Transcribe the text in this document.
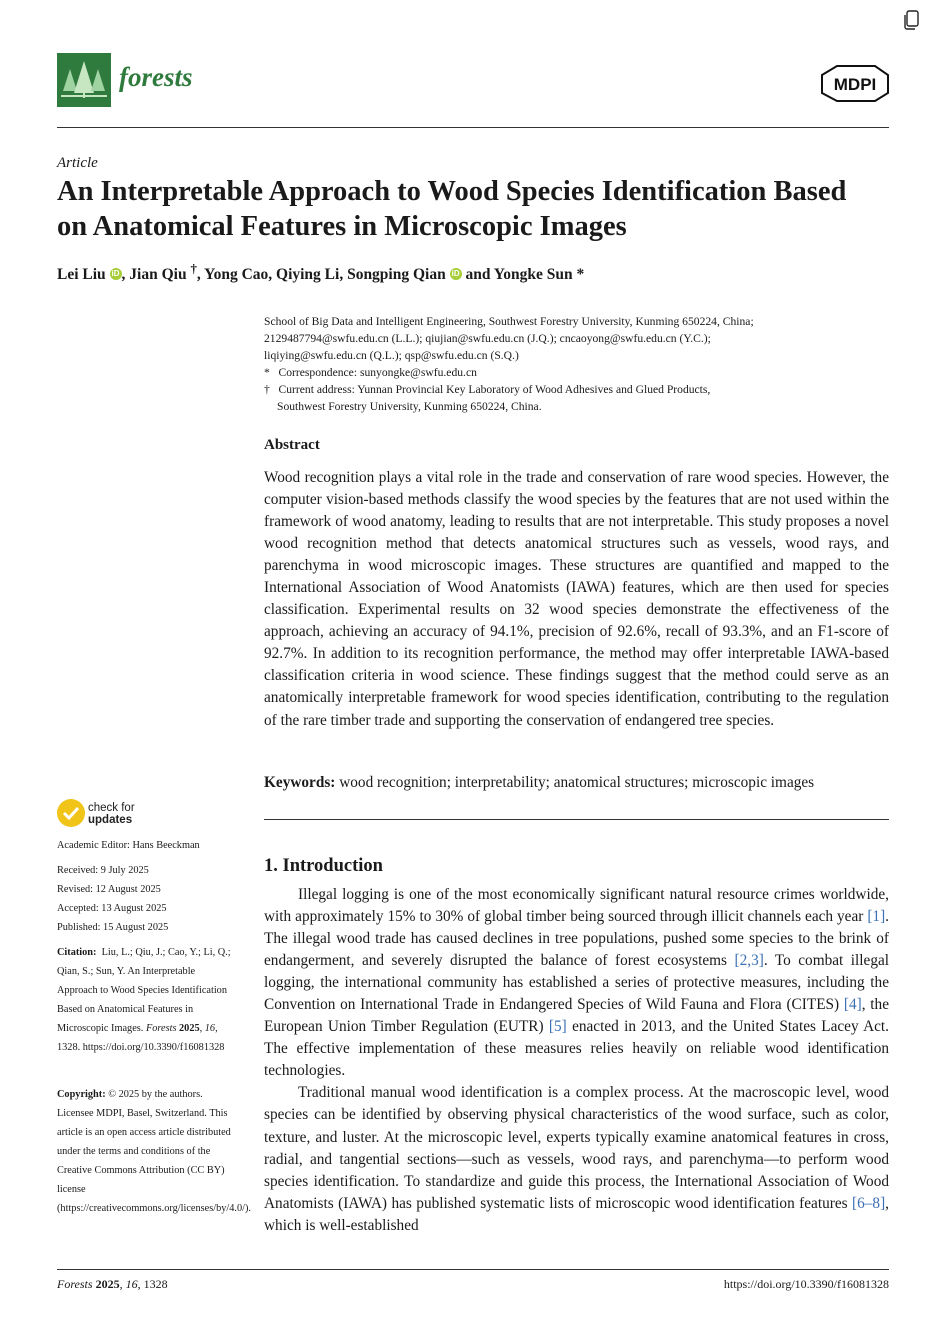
forests	MDPI
Article
An Interpretable Approach to Wood Species Identification Based
on Anatomical Features in Microscopic Images
Lei Liu iD , Jian Qiu †, Yong Cao, Qiying Li, Songping Qian iD and Yongke Sun *
School of Big Data and Intelligent Engineering, Southwest Forestry University, Kunming 650224, China;
2129487794@swfu.edu.cn (L.L.); qiujian@swfu.edu.cn (J.Q.); cncaoyong@swfu.edu.cn (Y.C.);
liqiying@swfu.edu.cn (Q.L.); qsp@swfu.edu.cn (S.Q.)
* Correspondence: sunyongke@swfu.edu.cn
† Current address: Yunnan Provincial Key Laboratory of Wood Adhesives and Glued Products,
Southwest Forestry University, Kunming 650224, China.
Abstract
Wood recognition plays a vital role in the trade and conservation of rare wood species. However, the computer vision-based methods classify the wood species by the features that are not used within the framework of wood anatomy, leading to results that are not interpretable. This study proposes a novel wood recognition method that detects anatomical structures such as vessels, wood rays, and parenchyma in wood microscopic images. These structures are quantified and mapped to the International Association of Wood Anatomists (IAWA) features, which are then used for species classification. Experimental results on 32 wood species demonstrate the effectiveness of the approach, achieving an accuracy of 94.1%, precision of 92.6%, recall of 93.3%, and an F1-score of 92.7%. In addition to its recognition performance, the method may offer interpretable IAWA-based classification criteria in wood science. These findings suggest that the method could serve as an anatomically interpretable framework for wood species identification, contributing to the regulation of the rare timber trade and supporting the conservation of endangered tree species.
Keywords: wood recognition; interpretability; anatomical structures; microscopic images
check for
updates
Academic Editor: Hans Beeckman
Received: 9 July 2025
Revised: 12 August 2025
Accepted: 13 August 2025
Published: 15 August 2025
Citation: Liu, L.; Qiu, J.; Cao, Y.; Li, Q.; Qian, S.; Sun, Y. An Interpretable Approach to Wood Species Identification Based on Anatomical Features in Microscopic Images. Forests 2025, 16, 1328. https://doi.org/10.3390/f16081328
Copyright: © 2025 by the authors. Licensee MDPI, Basel, Switzerland. This article is an open access article distributed under the terms and conditions of the Creative Commons Attribution (CC BY) license (https://creativecommons.org/licenses/by/4.0/).
1. Introduction

Illegal logging is one of the most economically significant natural resource crimes worldwide, with approximately 15% to 30% of global timber being sourced through illicit channels each year [1]. The illegal wood trade has caused declines in tree populations, pushed some species to the brink of endangerment, and severely disrupted the balance of forest ecosystems [2,3]. To combat illegal logging, the international community has established a series of protective measures, including the Convention on International Trade in Endangered Species of Wild Fauna and Flora (CITES) [4], the European Union Timber Regulation (EUTR) [5] enacted in 2013, and the United States Lacey Act. The effective implementation of these measures relies heavily on reliable wood identification technologies.

Traditional manual wood identification is a complex process. At the macroscopic level, wood species can be identified by observing physical characteristics of the wood surface, such as color, texture, and luster. At the microscopic level, experts typically examine anatomical features in cross, radial, and tangential sections—such as vessels, wood rays, and parenchyma—to perform wood species identification. To standardize and guide this process, the International Association of Wood Anatomists (IAWA) has published systematic lists of microscopic wood identification features [6–8], which is well-established

Forests 2025, 16, 1328	https://doi.org/10.3390/f16081328
